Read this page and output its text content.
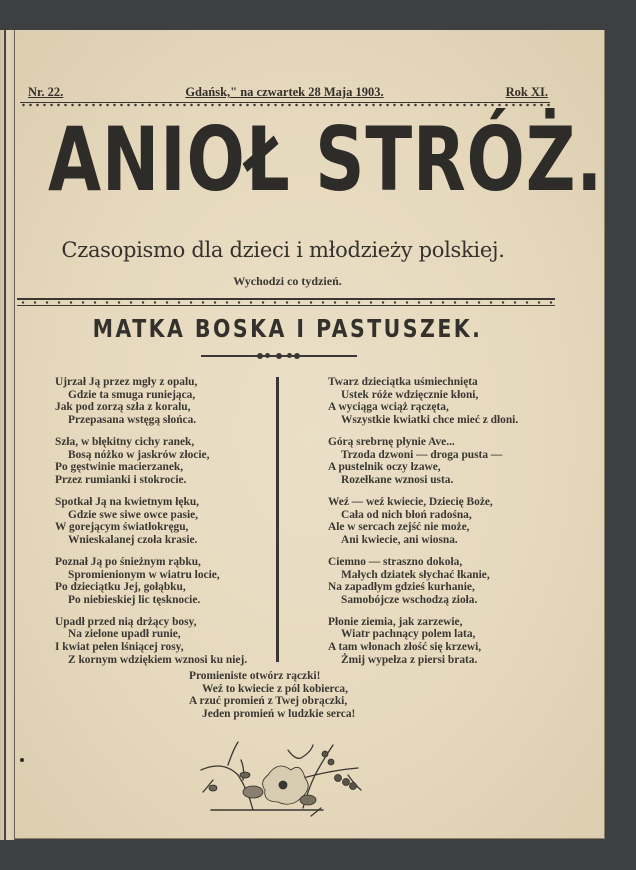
Nr. 22.	Gdańsk," na czwartek 28 Maja 1903.	Rok XI.
ANIOŁ STRÓŻ.
Czasopismo dla dzieci i młodzieży polskiej.
Wychodzi co tydzień.
MATKA BOSKA I PASTUSZEK.
Ujrzał Ją przez mgły z opalu,
Gdzie ta smuga runiejąca,
Jak pod zorzą szła z koralu,
Przepasana wstęgą słońca.
Szła, w błękitny cichy ranek,
Bosą nóżko w jaskrów złocie,
Po gęstwinie macierzanek,
Przez rumianki i stokrocie.
Spotkał Ją na kwietnym łęku,
Gdzie swe siwe owce pasie,
W gorejącym światłokręgu,
Wnieskalanej czoła krasie.
Poznał Ją po śnieżnym rąbku,
Spromienionym w wiatru locie,
Po dzieciątku Jej, gołąbku,
Po niebieskiej lic tęsknocie.
Upadł przed nią drżący bosy,
Na zielone upadł runie,
I kwiat pełen lśniącej rosy,
Z kornym wdziękiem wznosi ku niej.
Twarz dzieciątka uśmiechnięta
Ustek róże wdzięcznie kłoni,
A wyciąga wciąż rączęta,
Wszystkie kwiatki chce mieć z dłoni.
Górą srebrnę płynie Ave...
Trzoda dzwoni — droga pusta —
A pustelnik oczy łzawe,
Rozełkane wznosi usta.
Weź — weź kwiecie, Dziecię Boże,
Cała od nich błoń radośna,
Ale w sercach zejść nie może,
Ani kwiecie, ani wiosna.
Ciemno — straszno dokoła,
Małych dziatek słychać łkanie,
Na zapadłym gdzieś kurhanie,
Samobójcze wschodzą zioła.
Płonie ziemia, jak zarzewie,
Wiatr pachnący polem lata,
A tam włonach złość się krzewi,
Żmij wypełza z piersi brata.
Promieniste otwórz rączki!
Weź to kwiecie z pól kobierca,
A rzuć promień z Twej obrączki,
Jeden promień w ludzkie serca!
